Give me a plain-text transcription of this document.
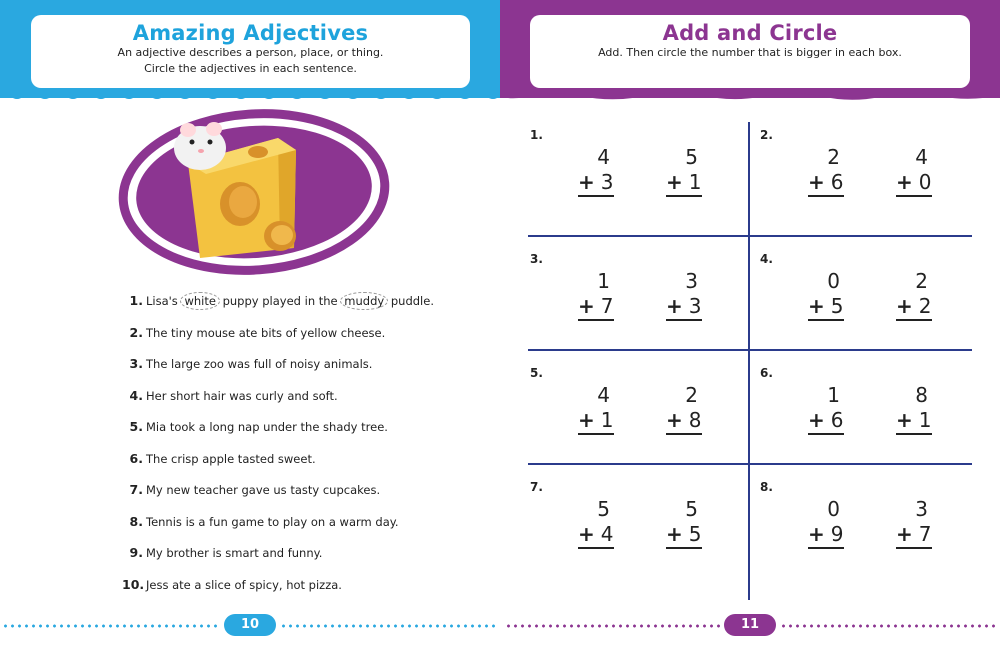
Amazing Adjectives

An adjective describes a person, place, or thing.

Circle the adjectives in each sentence.

1. Lisa's white puppy played in the muddy puddle.
2. The tiny mouse ate bits of yellow cheese.
3. The large zoo was full of noisy animals.
4. Her short hair was curly and soft.
5. Mia took a long nap under the shady tree.
6. The crisp apple tasted sweet.
7. My new teacher gave us tasty cupcakes.
8. Tennis is a fun game to play on a warm day.
9. My brother is smart and funny.
10. Jess ate a slice of spicy, hot pizza.
Add and Circle

Add. Then circle the number that is bigger in each box.

1.
4
+ 3
5
+ 1
2.
2
+ 6
4
+ 0
3.
1
+ 7
3
+ 3
4.
0
+ 5
2
+ 2
5.
4
+ 1
2
+ 8
6.
1
+ 6
8
+ 1
7.
5
+ 4
5
+ 5
8.
0
+ 9
3
+ 7
10	11
